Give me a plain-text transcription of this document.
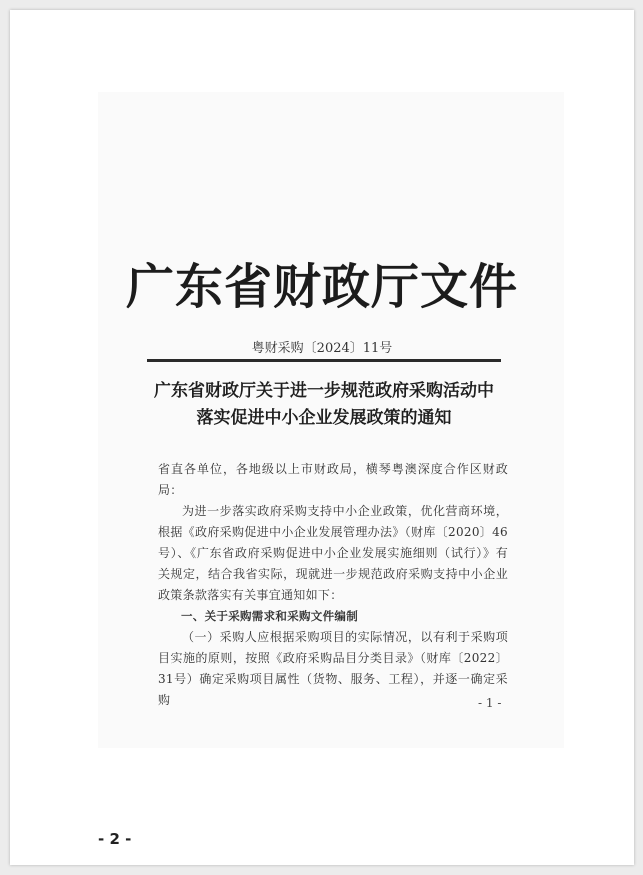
广东省财政厅文件
粤财采购〔2024〕11号
广东省财政厅关于进一步规范政府采购活动中
落实促进中小企业发展政策的通知

省直各单位，各地级以上市财政局，横琴粤澳深度合作区财政局：

为进一步落实政府采购支持中小企业政策，优化营商环境，根据《政府采购促进中小企业发展管理办法》（财库〔2020〕46号）、《广东省政府采购促进中小企业发展实施细则（试行）》有关规定，结合我省实际，现就进一步规范政府采购支持中小企业政策条款落实有关事宜通知如下：

一、关于采购需求和采购文件编制

（一）采购人应根据采购项目的实际情况，以有利于采购项目实施的原则，按照《政府采购品目分类目录》（财库〔2022〕31号）确定采购项目属性（货物、服务、工程），并逐一确定采购	- 1 -
- 2 -
